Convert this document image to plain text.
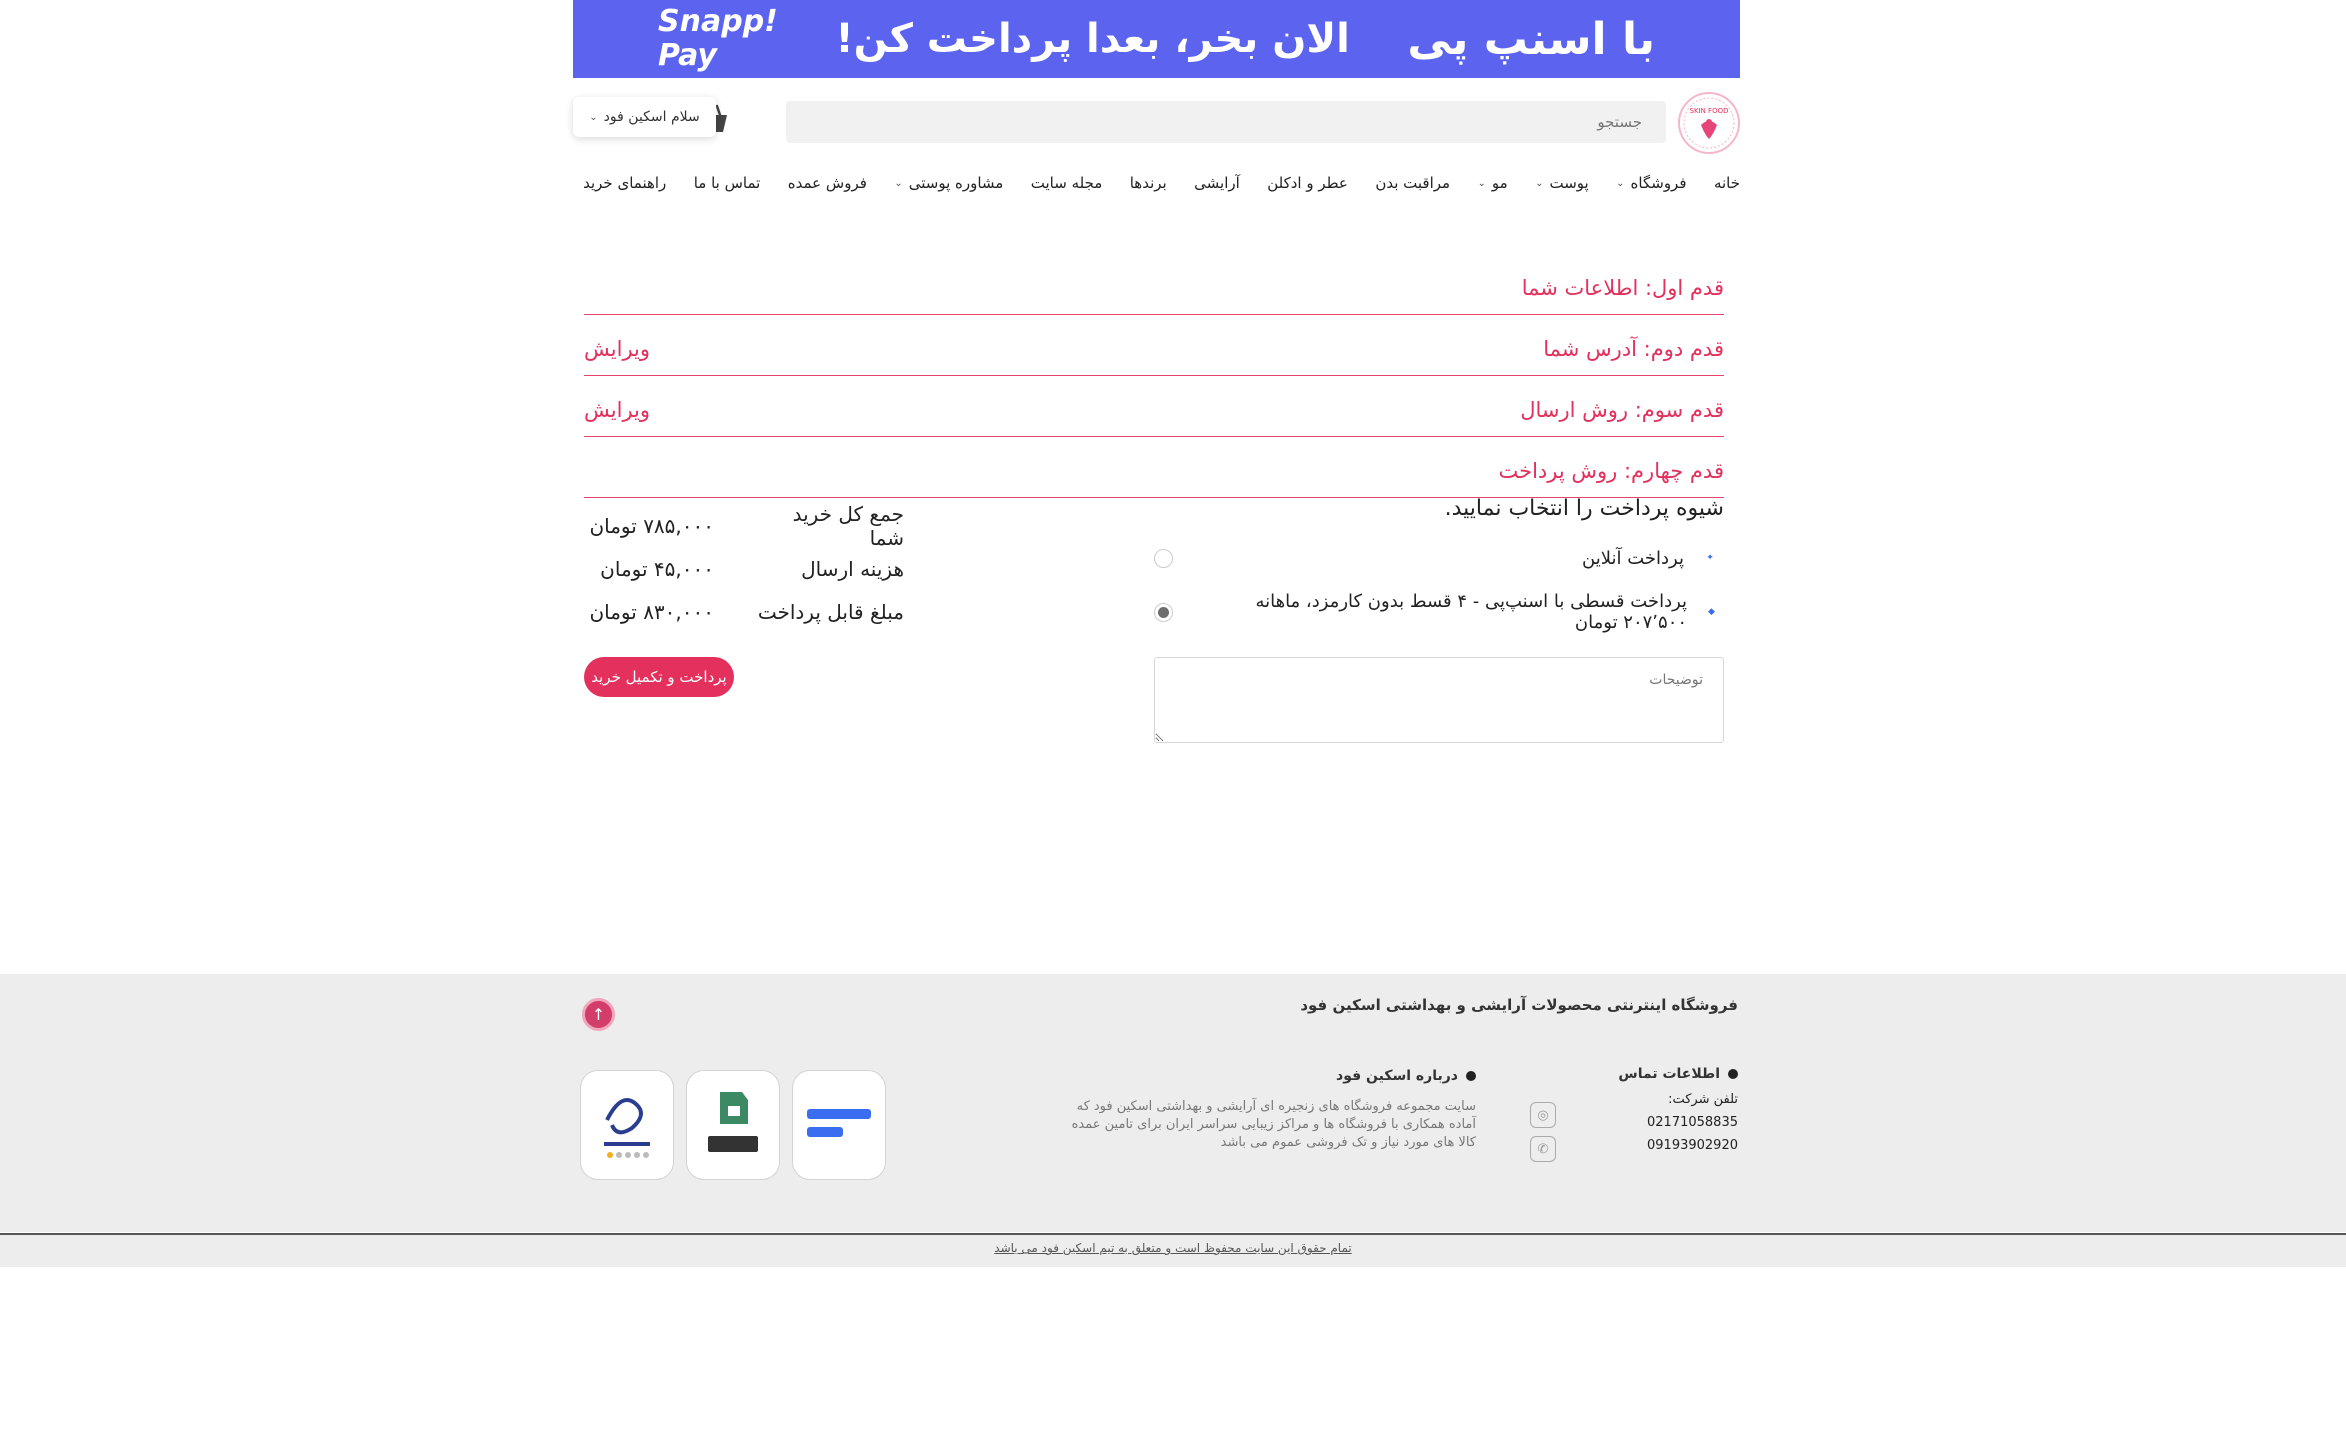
با اسنپ پی
الان بخر، بعدا پرداخت کن!
Snapp!
Pay
SKIN FOOD
جستجو
سلام اسکین فود
⌄
خانه
فروشگاه
⌄
پوست
⌄
مو
⌄
مراقبت بدن
عطر و ادکلن
آرایشی
برندها
مجله سایت
مشاوره پوستی
⌄
فروش عمده
تماس با ما
راهنمای خرید
قدم اول: اطلاعات شما
قدم دوم: آدرس شما
ویرایش
قدم سوم: روش ارسال
ویرایش
قدم چهارم: روش پرداخت
شیوه پرداخت را انتخاب نمایید.
✦
پرداخت آنلاین
◆
پرداخت قسطی با اسنپ‌پی - ۴ قسط بدون کارمزد، ماهانه ۲۰۷٬۵۰۰ تومان
توضیحات
جمع کل خرید شما
۷۸۵,۰۰۰ تومان
هزینه ارسال
۴۵,۰۰۰ تومان
مبلغ قابل پرداخت
۸۳۰,۰۰۰ تومان
پرداخت و تکمیل خرید
فروشگاه اینترنتی محصولات آرایشی و بهداشتی اسکین فود
↑
اطلاعات تماس
تلفن شرکت:
02171058835
09193902920
◎
✆
درباره اسکین فود

سایت مجموعه فروشگاه های زنجیره ای آرایشی و بهداشتی اسکین فود که آماده همکاری با فروشگاه ها و مراکز زیبایی سراسر ایران برای تامین عمده کالا های مورد نیاز و تک فروشی عموم می باشد

تمام حقوق این سایت محفوظ است و متعلق به تیم اسکین فود می باشد
